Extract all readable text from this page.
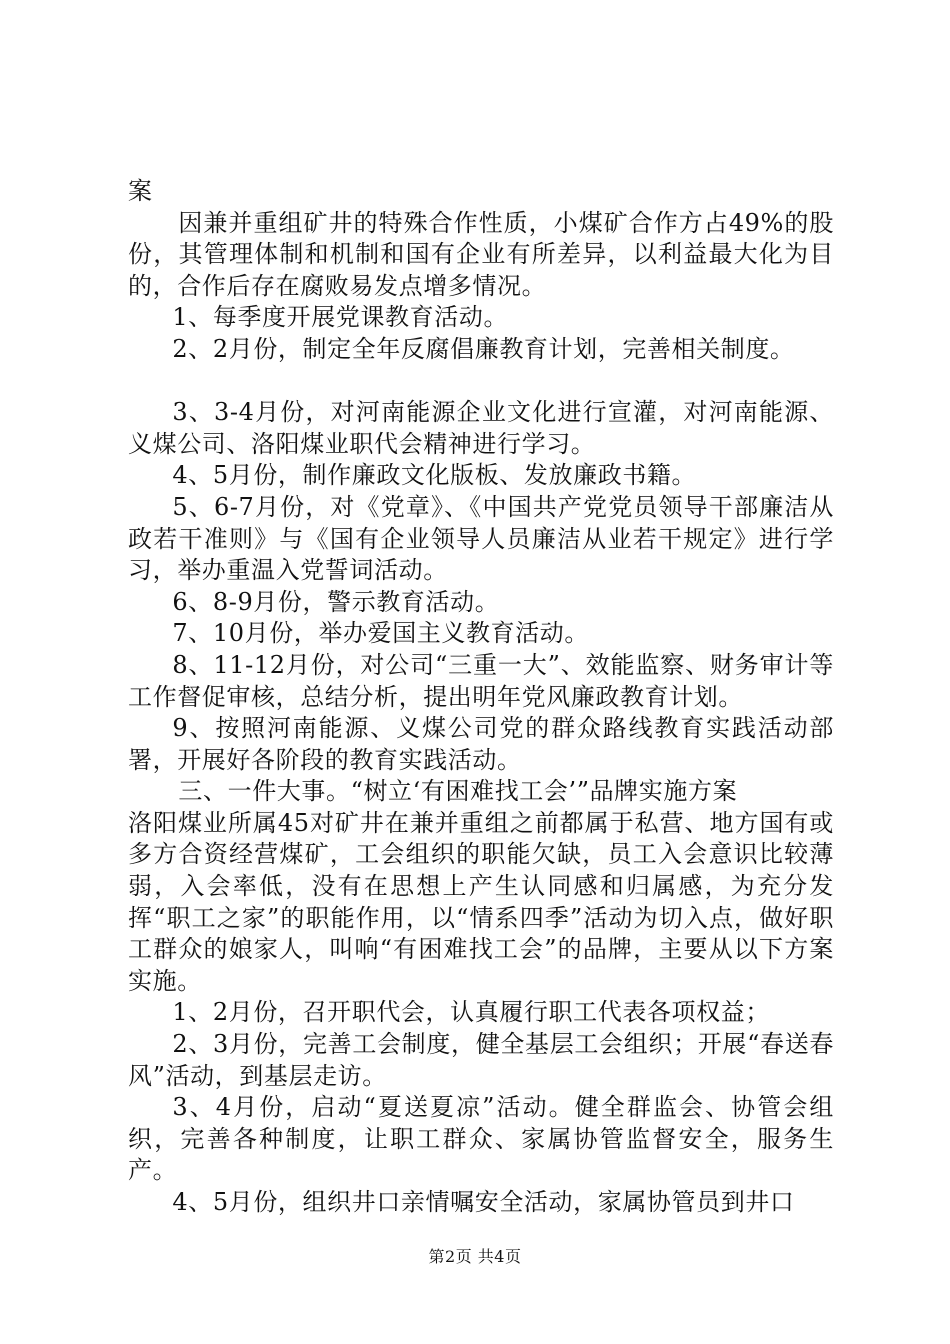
案

因兼并重组矿井的特殊合作性质，小煤矿合作方占49%的股份，其管理体制和机制和国有企业有所差异，以利益最大化为目的，合作后存在腐败易发点增多情况。

1、每季度开展党课教育活动。

2、2月份，制定全年反腐倡廉教育计划，完善相关制度。

3、3-4月份，对河南能源企业文化进行宣灌，对河南能源、义煤公司、洛阳煤业职代会精神进行学习。

4、5月份，制作廉政文化版板、发放廉政书籍。

5、6-7月份，对《党章》、《中国共产党党员领导干部廉洁从政若干准则》与《国有企业领导人员廉洁从业若干规定》进行学习，举办重温入党誓词活动。

6、8-9月份，警示教育活动。

7、10月份，举办爱国主义教育活动。

8、11-12月份，对公司“三重一大”、效能监察、财务审计等工作督促审核，总结分析，提出明年党风廉政教育计划。

9、按照河南能源、义煤公司党的群众路线教育实践活动部署，开展好各阶段的教育实践活动。

三、一件大事。“树立‘有困难找工会’”品牌实施方案

洛阳煤业所属45对矿井在兼并重组之前都属于私营、地方国有或多方合资经营煤矿，工会组织的职能欠缺，员工入会意识比较薄弱，入会率低，没有在思想上产生认同感和归属感，为充分发挥“职工之家”的职能作用，以“情系四季”活动为切入点，做好职工群众的娘家人，叫响“有困难找工会”的品牌，主要从以下方案实施。

1、2月份，召开职代会，认真履行职工代表各项权益；

2、3月份，完善工会制度，健全基层工会组织；开展“春送春风”活动，到基层走访。

3、4月份，启动“夏送夏凉”活动。健全群监会、协管会组织，完善各种制度，让职工群众、家属协管监督安全，服务生产。

4、5月份，组织井口亲情嘱安全活动，家属协管员到井口

第2页 共4页
